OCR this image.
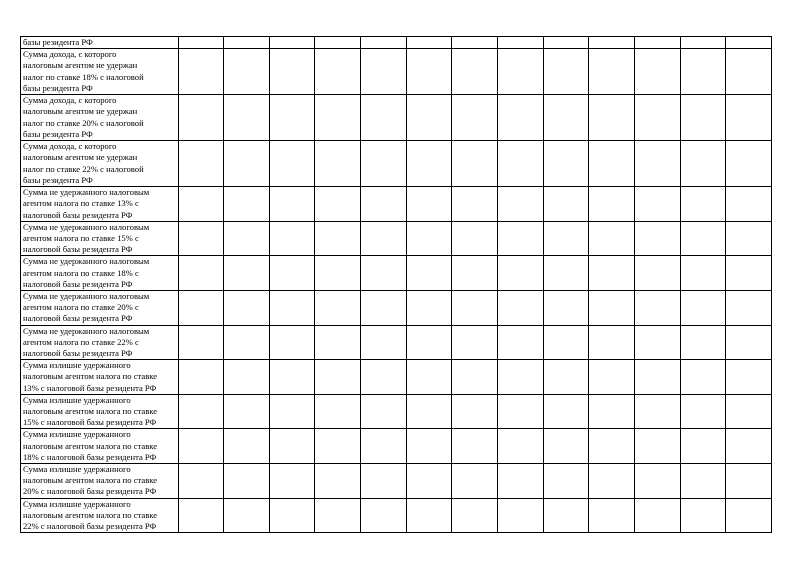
базы резидента РФ													

Сумма дохода, с которого
налоговым агентом не удержан
налог по ставке 18% с налоговой
базы резидента РФ													

Сумма дохода, с которого
налоговым агентом не удержан
налог по ставке 20% с налоговой
базы резидента РФ													

Сумма дохода, с которого
налоговым агентом не удержан
налог по ставке 22% с налоговой
базы резидента РФ													

Сумма не удержанного налоговым
агентом налога по ставке 13% с
налоговой базы резидента РФ													

Сумма не удержанного налоговым
агентом налога по ставке 15% с
налоговой базы резидента РФ													

Сумма не удержанного налоговым
агентом налога по ставке 18% с
налоговой базы резидента РФ													

Сумма не удержанного налоговым
агентом налога по ставке 20% с
налоговой базы резидента РФ													

Сумма не удержанного налоговым
агентом налога по ставке 22% с
налоговой базы резидента РФ													

Сумма излишне удержанного
налоговым агентом налога по ставке
13% с налоговой базы резидента РФ													

Сумма излишне удержанного
налоговым агентом налога по ставке
15% с налоговой базы резидента РФ													

Сумма излишне удержанного
налоговым агентом налога по ставке
18% с налоговой базы резидента РФ													

Сумма излишне удержанного
налоговым агентом налога по ставке
20% с налоговой базы резидента РФ													

Сумма излишне удержанного
налоговым агентом налога по ставке
22% с налоговой базы резидента РФ													
